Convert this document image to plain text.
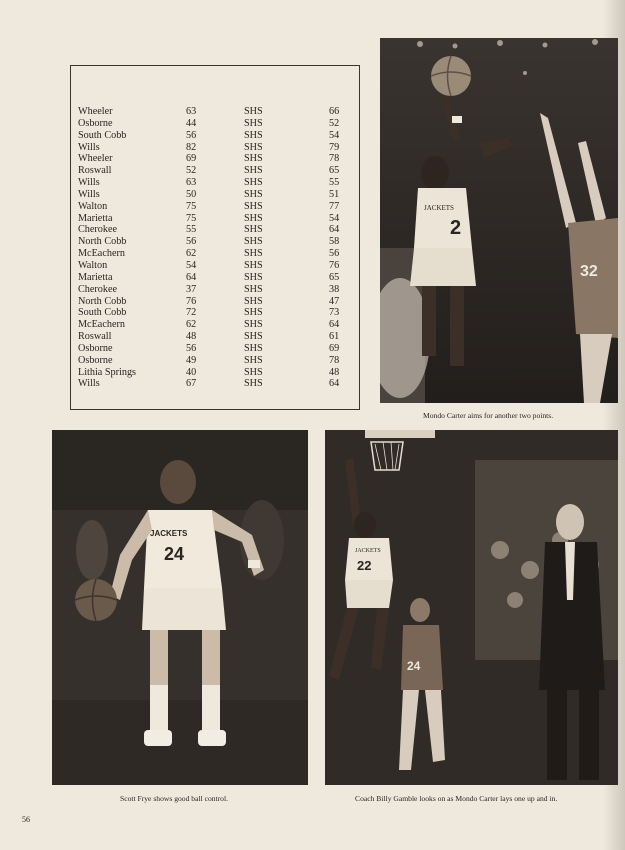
Wheeler	63	SHS	66
Osborne	44	SHS	52
South Cobb	56	SHS	54
Wills	82	SHS	79
Wheeler	69	SHS	78
Roswall	52	SHS	65
Wills	63	SHS	55
Wills	50	SHS	51
Walton	75	SHS	77
Marietta	75	SHS	54
Cherokee	55	SHS	64
North Cobb	56	SHS	58
McEachern	62	SHS	56
Walton	54	SHS	76
Marietta	64	SHS	65
Cherokee	37	SHS	38
North Cobb	76	SHS	47
South Cobb	72	SHS	73
McEachern	62	SHS	64
Roswall	48	SHS	61
Osborne	56	SHS	69
Osborne	49	SHS	78
Lithia Springs	40	SHS	48
Wills	67	SHS	64
JACKETS
2
32
Mondo Carter aims for another two points.
JACKETS
24
Scott Frye shows good ball control.
JACKETS
22
24
Coach Billy Gamble looks on as Mondo Carter lays one up and in.
56
